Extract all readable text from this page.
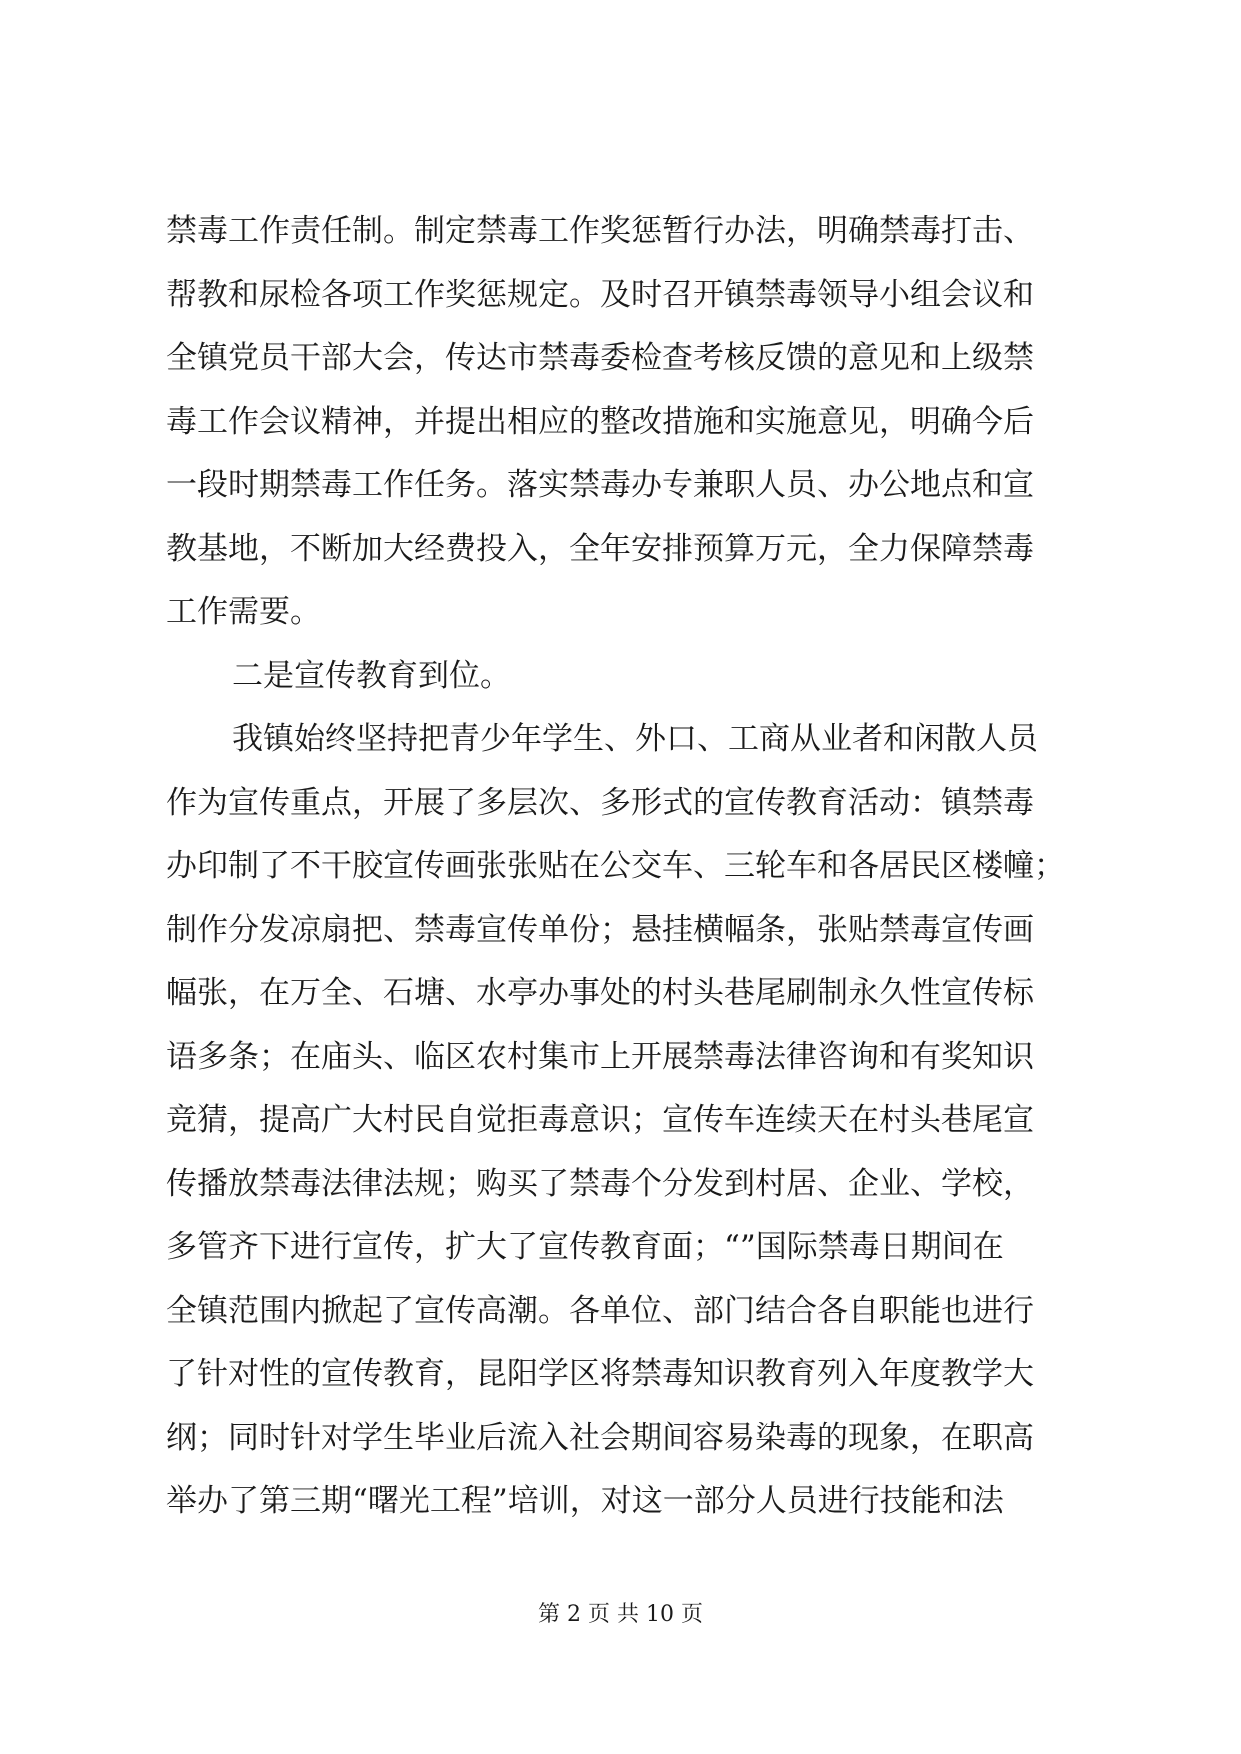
禁毒工作责任制。制定禁毒工作奖惩暂行办法，明确禁毒打击、
帮教和尿检各项工作奖惩规定。及时召开镇禁毒领导小组会议和
全镇党员干部大会，传达市禁毒委检查考核反馈的意见和上级禁
毒工作会议精神，并提出相应的整改措施和实施意见，明确今后
一段时期禁毒工作任务。落实禁毒办专兼职人员、办公地点和宣
教基地，不断加大经费投入，全年安排预算万元，全力保障禁毒
工作需要。
二是宣传教育到位。
我镇始终坚持把青少年学生、外口、工商从业者和闲散人员
作为宣传重点，开展了多层次、多形式的宣传教育活动：镇禁毒
办印制了不干胶宣传画张张贴在公交车、三轮车和各居民区楼幢；
制作分发凉扇把、禁毒宣传单份；悬挂横幅条，张贴禁毒宣传画
幅张，在万全、石塘、水亭办事处的村头巷尾刷制永久性宣传标
语多条；在庙头、临区农村集市上开展禁毒法律咨询和有奖知识
竞猜，提高广大村民自觉拒毒意识；宣传车连续天在村头巷尾宣
传播放禁毒法律法规；购买了禁毒个分发到村居、企业、学校，
多管齐下进行宣传，扩大了宣传教育面；“”国际禁毒日期间在
全镇范围内掀起了宣传高潮。各单位、部门结合各自职能也进行
了针对性的宣传教育，昆阳学区将禁毒知识教育列入年度教学大
纲；同时针对学生毕业后流入社会期间容易染毒的现象，在职高
举办了第三期“曙光工程”培训，对这一部分人员进行技能和法
第 2 页 共 10 页
